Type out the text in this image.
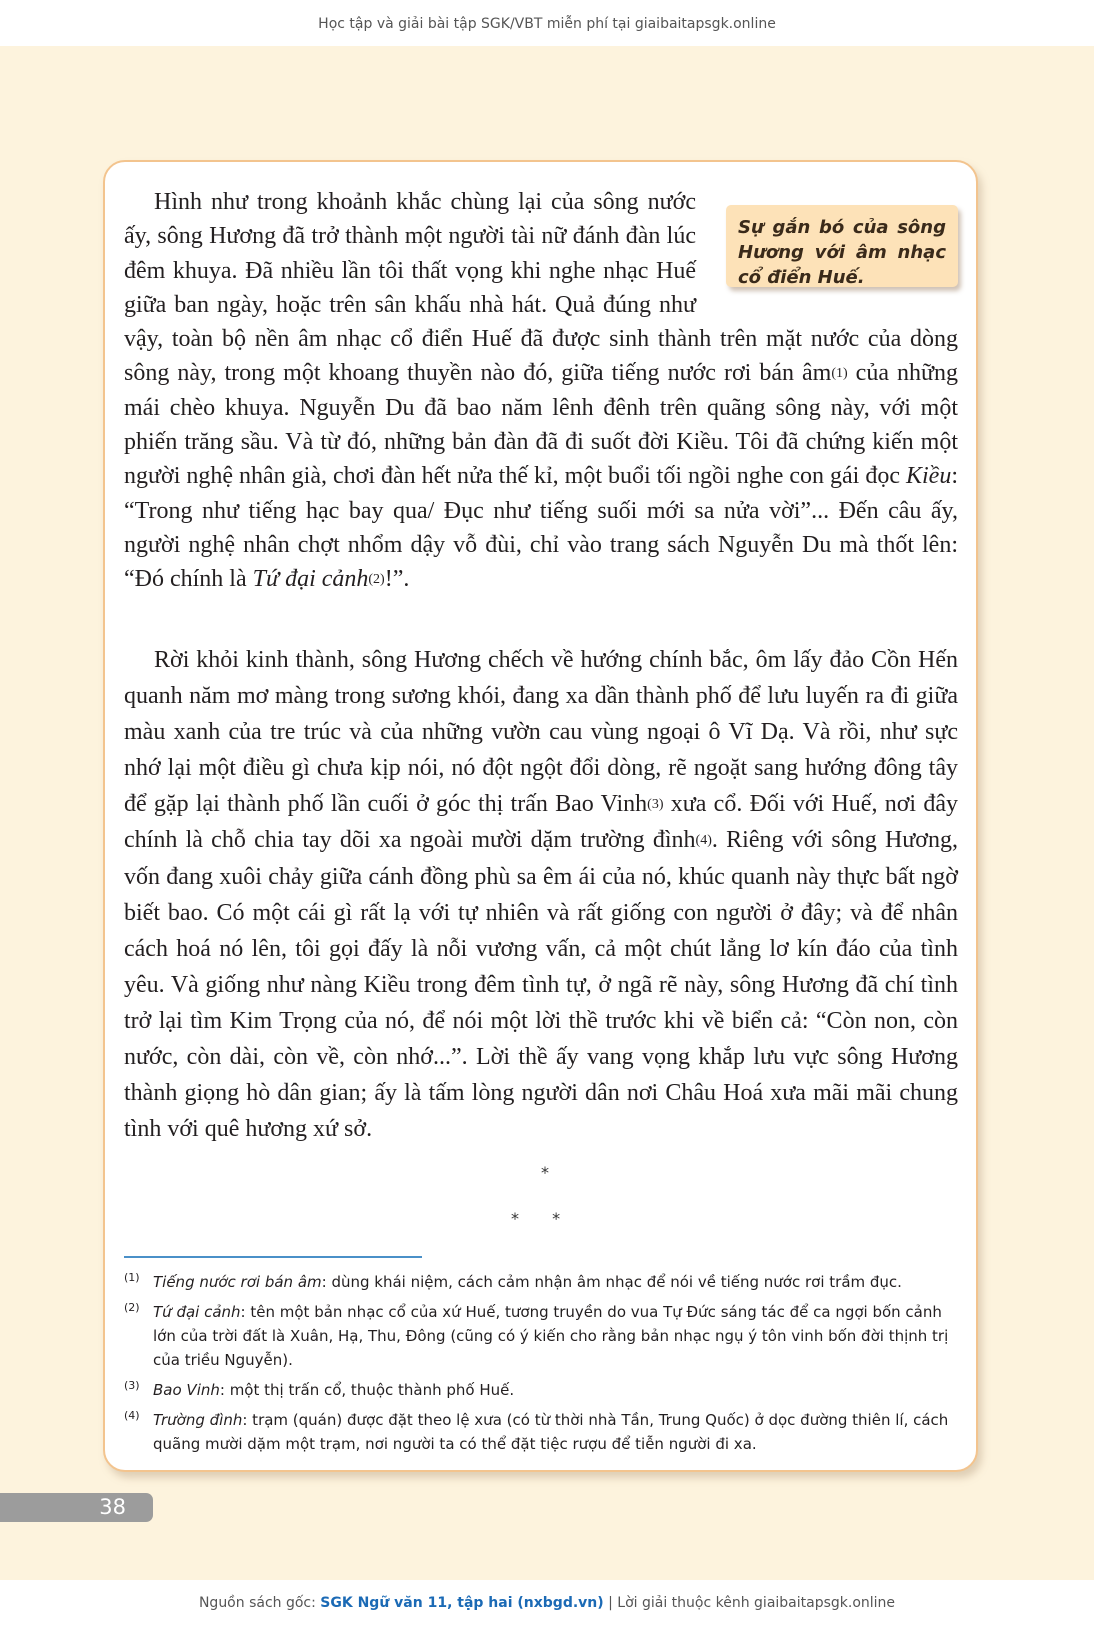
Học tập và giải bài tập SGK/VBT miễn phí tại giaibaitapsgk.online
Sự gắn bó của sông Hương với âm nhạc cổ điển Huế.
Hình như trong khoảnh khắc chùng lại của sông nước ấy, sông Hương đã trở thành một người tài nữ đánh đàn lúc đêm khuya. Đã nhiều lần tôi thất vọng khi nghe nhạc Huế giữa ban ngày, hoặc trên sân khấu nhà hát. Quả đúng như vậy, toàn bộ nền âm nhạc cổ điển Huế đã được sinh thành trên mặt nước của dòng sông này, trong một khoang thuyền nào đó, giữa tiếng nước rơi bán $âm^{(1)}$ của những mái chèo khuya. Nguyễn Du đã bao năm lênh đênh trên quãng sông này, với một phiến trăng sầu. Và từ đó, những bản đàn đã đi suốt đời Kiều. Tôi đã chứng kiến một người nghệ nhân già, chơi đàn hết nửa thế kỉ, một buổi tối ngồi nghe con gái đọc Kiều: “Trong như tiếng hạc bay qua/ Đục như tiếng suối mới sa nửa vời”... Đến câu ấy, người nghệ nhân chợt nhổm dậy vỗ đùi, chỉ vào trang sách Nguyễn Du mà thốt lên: “Đó chính là Tứ đại cảnh$^{(2)}$!”.
Rời khỏi kinh thành, sông Hương chếch về hướng chính bắc, ôm lấy đảo Cồn Hến quanh năm mơ màng trong sương khói, đang xa dần thành phố để lưu luyến ra đi giữa màu xanh của tre trúc và của những vườn cau vùng ngoại ô Vĩ Dạ. Và rồi, như sực nhớ lại một điều gì chưa kịp nói, nó đột ngột đổi dòng, rẽ ngoặt sang hướng đông tây để gặp lại thành phố lần cuối ở góc thị trấn Bao Vinh$^{(3)}$ xưa cổ. Đối với Huế, nơi đây chính là chỗ chia tay dõi xa ngoài mười dặm trường đình$^{(4)}$. Riêng với sông Hương, vốn đang xuôi chảy giữa cánh đồng phù sa êm ái của nó, khúc quanh này thực bất ngờ biết bao. Có một cái gì rất lạ với tự nhiên và rất giống con người ở đây; và để nhân cách hoá nó lên, tôi gọi đấy là nỗi vương vấn, cả một chút lẳng lơ kín đáo của tình yêu. Và giống như nàng Kiều trong đêm tình tự, ở ngã rẽ này, sông Hương đã chí tình trở lại tìm Kim Trọng của nó, để nói một lời thề trước khi về biển cả: “Còn non, còn nước, còn dài, còn về, còn nhớ...”. Lời thề ấy vang vọng khắp lưu vực sông Hương thành giọng hò dân gian; ấy là tấm lòng người dân nơi Châu Hoá xưa mãi mãi chung tình với quê hương xứ sở.
*
* *
(1) Tiếng nước rơi bán âm: dùng khái niệm, cách cảm nhận âm nhạc để nói về tiếng nước rơi trầm đục.
(2) Tứ đại cảnh: tên một bản nhạc cổ của xứ Huế, tương truyền do vua Tự Đức sáng tác để ca ngợi bốn cảnh lớn của trời đất là Xuân, Hạ, Thu, Đông (cũng có ý kiến cho rằng bản nhạc ngụ ý tôn vinh bốn đời thịnh trị của triều Nguyễn).
(3) Bao Vinh: một thị trấn cổ, thuộc thành phố Huế.
(4) Trường đình: trạm (quán) được đặt theo lệ xưa (có từ thời nhà Tần, Trung Quốc) ở dọc đường thiên lí, cách quãng mười dặm một trạm, nơi người ta có thể đặt tiệc rượu để tiễn người đi xa.
38
Nguồn sách gốc: SGK Ngữ văn 11, tập hai (nxbgd.vn) | Lời giải thuộc kênh giaibaitapsgk.online
